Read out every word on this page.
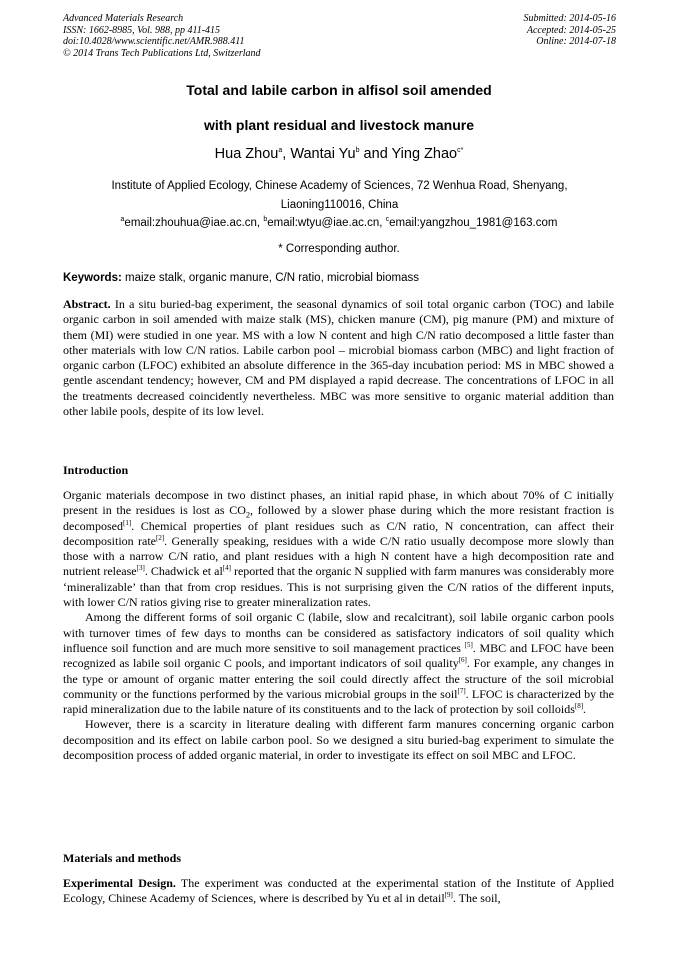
Advanced Materials Research
ISSN: 1662-8985, Vol. 988, pp 411-415
doi:10.4028/www.scientific.net/AMR.988.411
© 2014 Trans Tech Publications Ltd, Switzerland
Submitted: 2014-05-16
Accepted: 2014-05-25
Online: 2014-07-18
Total and labile carbon in alfisol soil amended
with plant residual and livestock manure
Hua Zhou$^a$, Wantai Yu$^b$ and Ying Zhao$^{c*}$
Institute of Applied Ecology, Chinese Academy of Sciences, 72 Wenhua Road, Shenyang,
Liaoning110016, China
$^a$email:zhouhua@iae.ac.cn, $^b$email:wtyu@iae.ac.cn, $^c$email:yangzhou_1981@163.com
* Corresponding author.
Keywords: maize stalk, organic manure, C/N ratio, microbial biomass

Abstract. In a situ buried-bag experiment, the seasonal dynamics of soil total organic carbon (TOC) and labile organic carbon in soil amended with maize stalk (MS), chicken manure (CM), pig manure (PM) and mixture of them (MI) were studied in one year. MS with a low N content and high C/N ratio decomposed a little faster than other materials with low C/N ratios. Labile carbon pool – microbial biomass carbon (MBC) and light fraction of organic carbon (LFOC) exhibited an absolute difference in the 365-day incubation period: MS in MBC showed a gentle ascendant tendency; however, CM and PM displayed a rapid decrease. The concentrations of LFOC in all the treatments decreased coincidently nevertheless. MBC was more sensitive to organic material addition than other labile pools, despite of its low level.

Introduction

Organic materials decompose in two distinct phases, an initial rapid phase, in which about 70% of C initially present in the residues is lost as $CO_2$, followed by a slower phase during which the more resistant fraction is decomposed[1]. Chemical properties of plant residues such as C/N ratio, N concentration, can affect their decomposition rate[2]. Generally speaking, residues with a wide C/N ratio usually decompose more slowly than those with a narrow C/N ratio, and plant residues with a high N content have a high decomposition rate and nutrient release[3]. Chadwick et al[4] reported that the organic N supplied with farm manures was considerably more ‘mineralizable’ than that from crop residues. This is not surprising given the C/N ratios of the different inputs, with lower C/N ratios giving rise to greater mineralization rates.

Among the different forms of soil organic C (labile, slow and recalcitrant), soil labile organic carbon pools with turnover times of few days to months can be considered as satisfactory indicators of soil quality which influence soil function and are much more sensitive to soil management practices [5]. MBC and LFOC have been recognized as labile soil organic C pools, and important indicators of soil quality[6]. For example, any changes in the type or amount of organic matter entering the soil could directly affect the structure of the soil microbial community or the functions performed by the various microbial groups in the soil[7]. LFOC is characterized by the rapid mineralization due to the labile nature of its constituents and to the lack of protection by soil colloids[8].

However, there is a scarcity in literature dealing with different farm manures concerning organic carbon decomposition and its effect on labile carbon pool. So we designed a situ buried-bag experiment to simulate the decomposition process of added organic material, in order to investigate its effect on soil MBC and LFOC.

Materials and methods

Experimental Design. The experiment was conducted at the experimental station of the Institute of Applied Ecology, Chinese Academy of Sciences, where is described by Yu et al in detail[9]. The soil,
